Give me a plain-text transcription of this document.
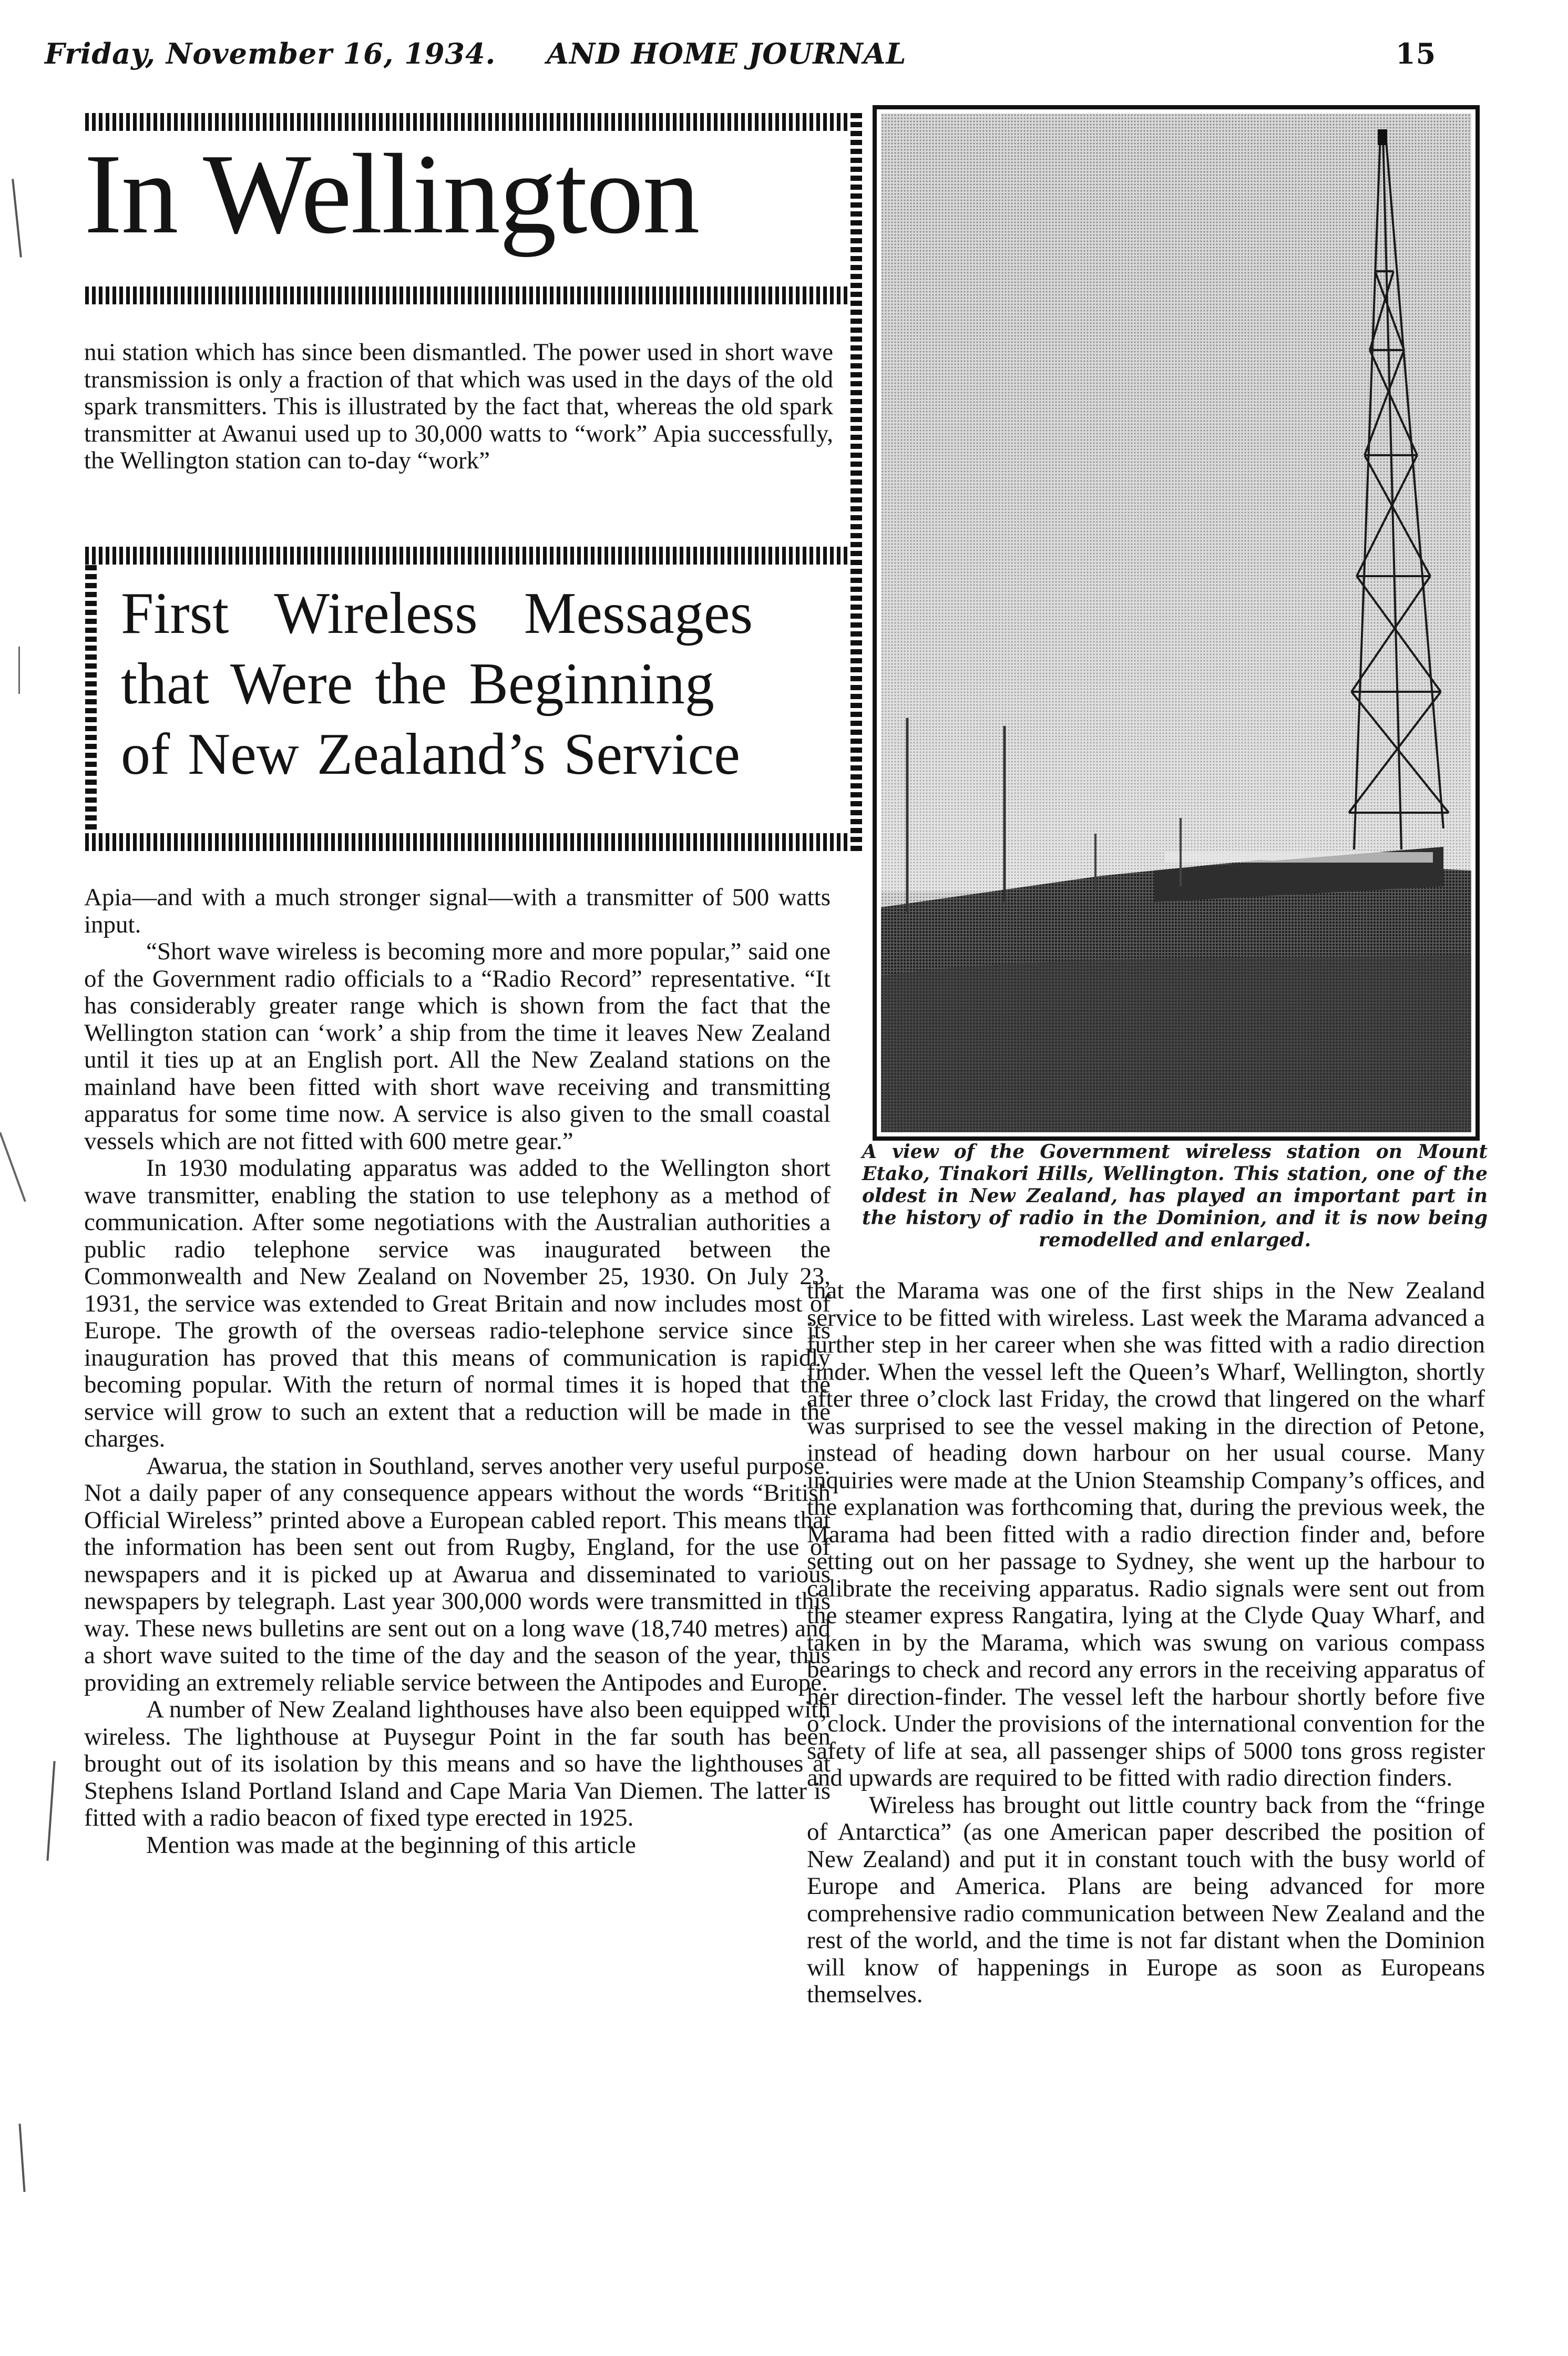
Friday, November 16, 1934. AND HOME JOURNAL	15
In Wellington

nui station which has since been dismantled. The power used in short wave transmission is only a fraction of that which was used in the days of the old spark transmitters. This is illustrated by the fact that, whereas the old spark transmitter at Awanui used up to 30,000 watts to “work” Apia successfully, the Wellington station can to-day “work”

First Wireless Messages
that Were the Beginning
of New Zealand’s Service
A view of the Government wireless station on Mount Etako, Tinakori Hills, Wellington. This station, one of the oldest in New Zealand, has played an important part in the history of radio in the Dominion, and it is now being remodelled and enlarged.

Apia—and with a much stronger signal—with a transmitter of 500 watts input.

“Short wave wireless is becoming more and more popular,” said one of the Government radio officials to a “Radio Record” representative. “It has considerably greater range which is shown from the fact that the Wellington station can ‘work’ a ship from the time it leaves New Zealand until it ties up at an English port. All the New Zealand stations on the mainland have been fitted with short wave receiving and transmitting apparatus for some time now. A service is also given to the small coastal vessels which are not fitted with 600 metre gear.”

In 1930 modulating apparatus was added to the Wellington short wave transmitter, enabling the station to use telephony as a method of communication. After some negotiations with the Australian authorities a public radio telephone service was inaugurated between the Commonwealth and New Zealand on November 25, 1930. On July 23, 1931, the service was extended to Great Britain and now includes most of Europe. The growth of the overseas radio-telephone service since its inauguration has proved that this means of communication is rapidly becoming popular. With the return of normal times it is hoped that the service will grow to such an extent that a reduction will be made in the charges.

Awarua, the station in Southland, serves another very useful purpose. Not a daily paper of any consequence appears without the words “British Official Wireless” printed above a European cabled report. This means that the information has been sent out from Rugby, England, for the use of newspapers and it is picked up at Awarua and disseminated to various newspapers by telegraph. Last year 300,000 words were transmitted in this way. These news bulletins are sent out on a long wave (18,740 metres) and a short wave suited to the time of the day and the season of the year, thus providing an extremely reliable service between the Antipodes and Europe.

A number of New Zealand lighthouses have also been equipped with wireless. The lighthouse at Puysegur Point in the far south has been brought out of its isolation by this means and so have the lighthouses at Stephens Island Portland Island and Cape Maria Van Diemen. The latter is fitted with a radio beacon of fixed type erected in 1925.

Mention was made at the beginning of this article

that the Marama was one of the first ships in the New Zealand service to be fitted with wireless. Last week the Marama advanced a further step in her career when she was fitted with a radio direction finder. When the vessel left the Queen’s Wharf, Wellington, shortly after three o’clock last Friday, the crowd that lingered on the wharf was surprised to see the vessel making in the direction of Petone, instead of heading down harbour on her usual course. Many inquiries were made at the Union Steamship Company’s offices, and the explanation was forthcoming that, during the previous week, the Marama had been fitted with a radio direction finder and, before setting out on her passage to Sydney, she went up the harbour to calibrate the receiving apparatus. Radio signals were sent out from the steamer express Rangatira, lying at the Clyde Quay Wharf, and taken in by the Marama, which was swung on various compass bearings to check and record any errors in the receiving apparatus of her direction-finder. The vessel left the harbour shortly before five o’clock. Under the provisions of the international convention for the safety of life at sea, all passenger ships of 5000 tons gross register and upwards are required to be fitted with radio direction finders.

Wireless has brought out little country back from the “fringe of Antarctica” (as one American paper described the position of New Zealand) and put it in constant touch with the busy world of Europe and America. Plans are being advanced for more comprehensive radio communication between New Zealand and the rest of the world, and the time is not far distant when the Dominion will know of happenings in Europe as soon as Europeans themselves.
